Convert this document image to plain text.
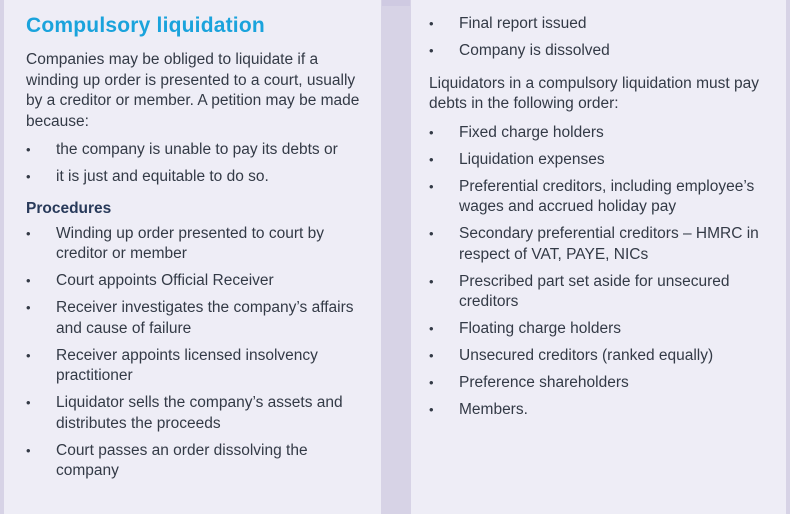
Compulsory liquidation

Companies may be obliged to liquidate if a winding up order is presented to a court, usually by a creditor or member. A petition may be made because:

•	the company is unable to pay its debts or
•	it is just and equitable to do so.
Procedures
•	Winding up order presented to court by creditor or member
•	Court appoints Official Receiver
•	Receiver investigates the company’s affairs and cause of failure
•	Receiver appoints licensed insolvency practitioner
•	Liquidator sells the company’s assets and distributes the proceeds
•	Court passes an order dissolving the company
•	Final report issued
•	Company is dissolved

Liquidators in a compulsory liquidation must pay debts in the following order:

•	Fixed charge holders
•	Liquidation expenses
•	Preferential creditors, including employee’s wages and accrued holiday pay
•	Secondary preferential creditors – HMRC in respect of VAT, PAYE, NICs
•	Prescribed part set aside for unsecured creditors
•	Floating charge holders
•	Unsecured creditors (ranked equally)
•	Preference shareholders
•	Members.
